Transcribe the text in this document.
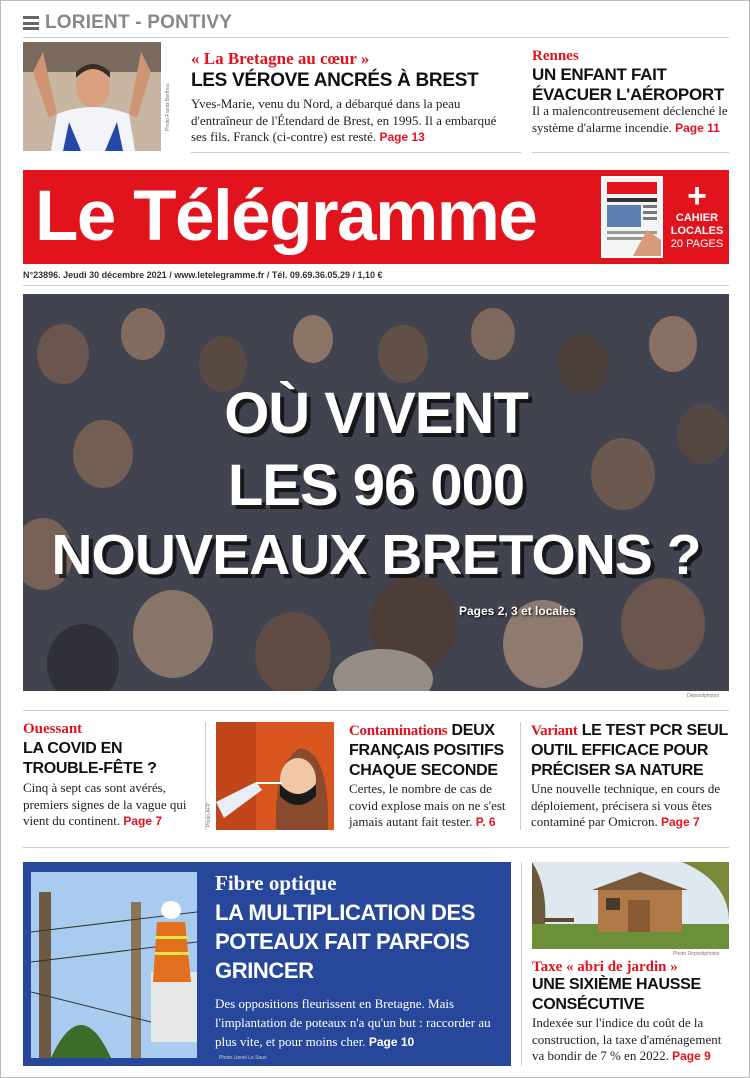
LORIENT - PONTIVY
Photo Frantz Berthou
« La Bretagne au cœur »
LES VÉROVE ANCRÉS À BREST
Yves-Marie, venu du Nord, a débarqué dans la peau d'entraîneur de l'Étendard de Brest, en 1995. Il a embarqué ses fils. Franck (ci-contre) est resté. Page 13
Rennes
UN ENFANT FAIT ÉVACUER L'AÉROPORT
Il a malencontreusement déclenché le système d'alarme incendie. Page 11
Le Télégramme	+
CAHIER
LOCALES
20 PAGES
N°23896. Jeudi 30 décembre 2021 / www.letelegramme.fr / Tél. 09.69.36.05.29 / 1,10 €
OÙ VIVENT
LES 96 000
NOUVEAUX BRETONS ?
Pages 2, 3 et locales
Depositphotos
Ouessant
LA COVID EN TROUBLE-FÊTE ?
Cinq à sept cas sont avérés, premiers signes de la vague qui vient du continent. Page 7	Photo AFP
Contaminations DEUX FRANÇAIS POSITIFS CHAQUE SECONDE
Certes, le nombre de cas de covid explose mais on ne s'est jamais autant fait tester. P. 6
Variant LE TEST PCR SEUL OUTIL EFFICACE POUR PRÉCISER SA NATURE
Une nouvelle technique, en cours de déploiement, précisera si vous êtes contaminé par Omicron. Page 7
Fibre optique
LA MULTIPLICATION DES POTEAUX FAIT PARFOIS GRINCER
Des oppositions fleurissent en Bretagne. Mais l'implantation de poteaux n'a qu'un but : raccorder au plus vite, et pour moins cher. Page 10
Photo Lionel Le Saux
Photo Depositphotos
Taxe « abri de jardin »
UNE SIXIÈME HAUSSE CONSÉCUTIVE
Indexée sur l'indice du coût de la construction, la taxe d'aménagement va bondir de 7 % en 2022. Page 9
